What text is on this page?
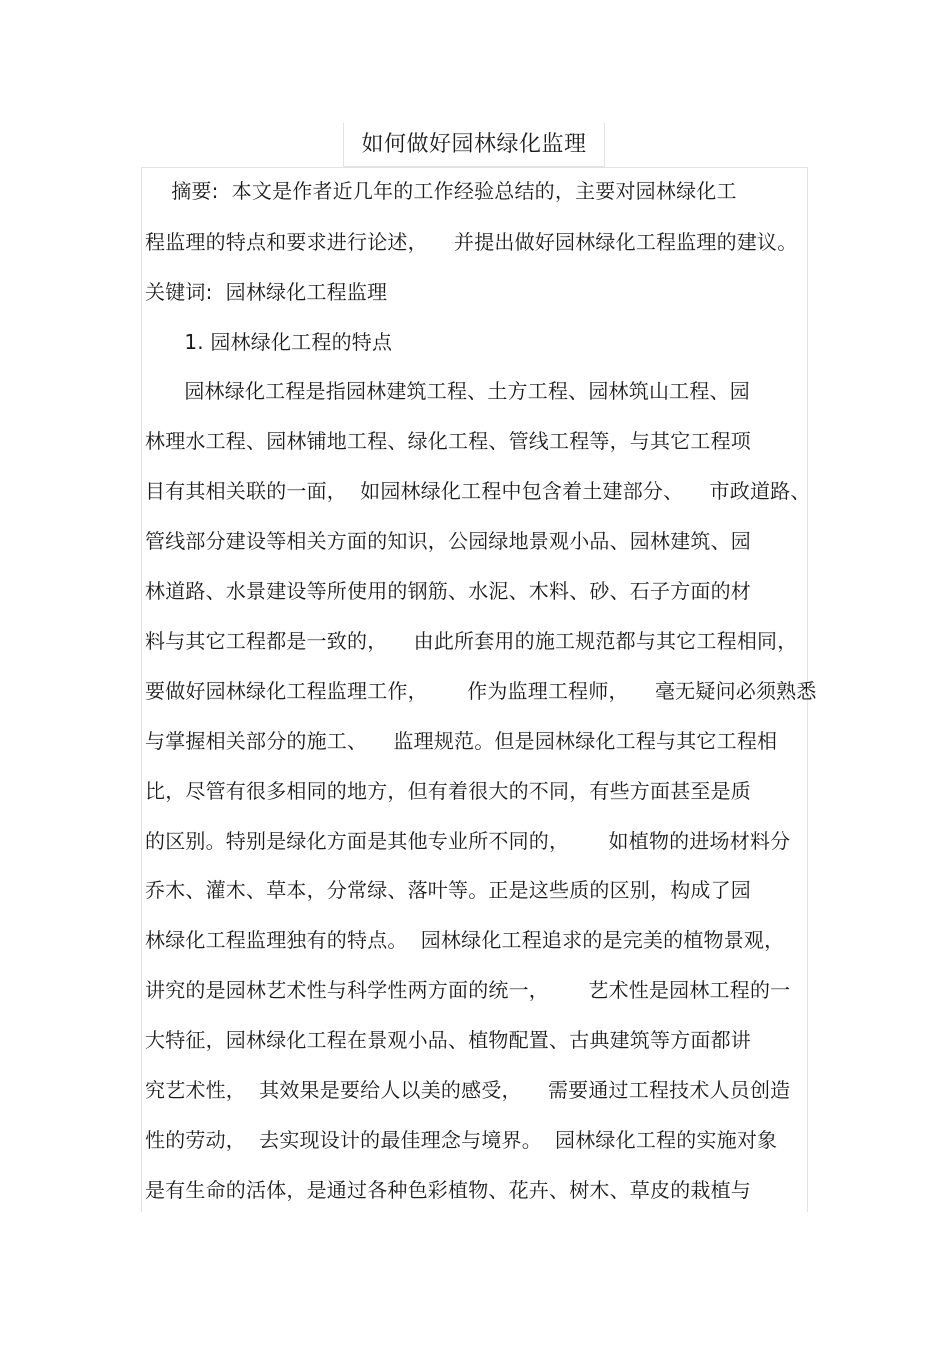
如何做好园林绿化监理
摘要:  本文是作者近几年的工作经验总结的，主要对园林绿化工
程监理的特点和要求进行论述，    并提出做好园林绿化工程监理的建议。
关键词:  园林绿化工程监理
1. 园林绿化工程的特点
园林绿化工程是指园林建筑工程、土方工程、园林筑山工程、园
林理水工程、园林铺地工程、绿化工程、管线工程等，与其它工程项
目有其相关联的一面，  如园林绿化工程中包含着土建部分、    市政道路、
管线部分建设等相关方面的知识，公园绿地景观小品、园林建筑、园
林道路、水景建设等所使用的钢筋、水泥、木料、砂、石子方面的材
料与其它工程都是一致的，    由此所套用的施工规范都与其它工程相同，
要做好园林绿化工程监理工作，      作为监理工程师，    毫无疑问必须熟悉
与掌握相关部分的施工、    监理规范。但是园林绿化工程与其它工程相
比，尽管有很多相同的地方，但有着很大的不同，有些方面甚至是质
的区别。特别是绿化方面是其他专业所不同的，      如植物的进场材料分
乔木、灌木、草本，分常绿、落叶等。正是这些质的区别，构成了园
林绿化工程监理独有的特点。  园林绿化工程追求的是完美的植物景观，
讲究的是园林艺术性与科学性两方面的统一，      艺术性是园林工程的一
大特征，园林绿化工程在景观小品、植物配置、古典建筑等方面都讲
究艺术性，  其效果是要给人以美的感受，    需要通过工程技术人员创造
性的劳动，  去实现设计的最佳理念与境界。  园林绿化工程的实施对象
是有生命的活体，是通过各种色彩植物、花卉、树木、草皮的栽植与
